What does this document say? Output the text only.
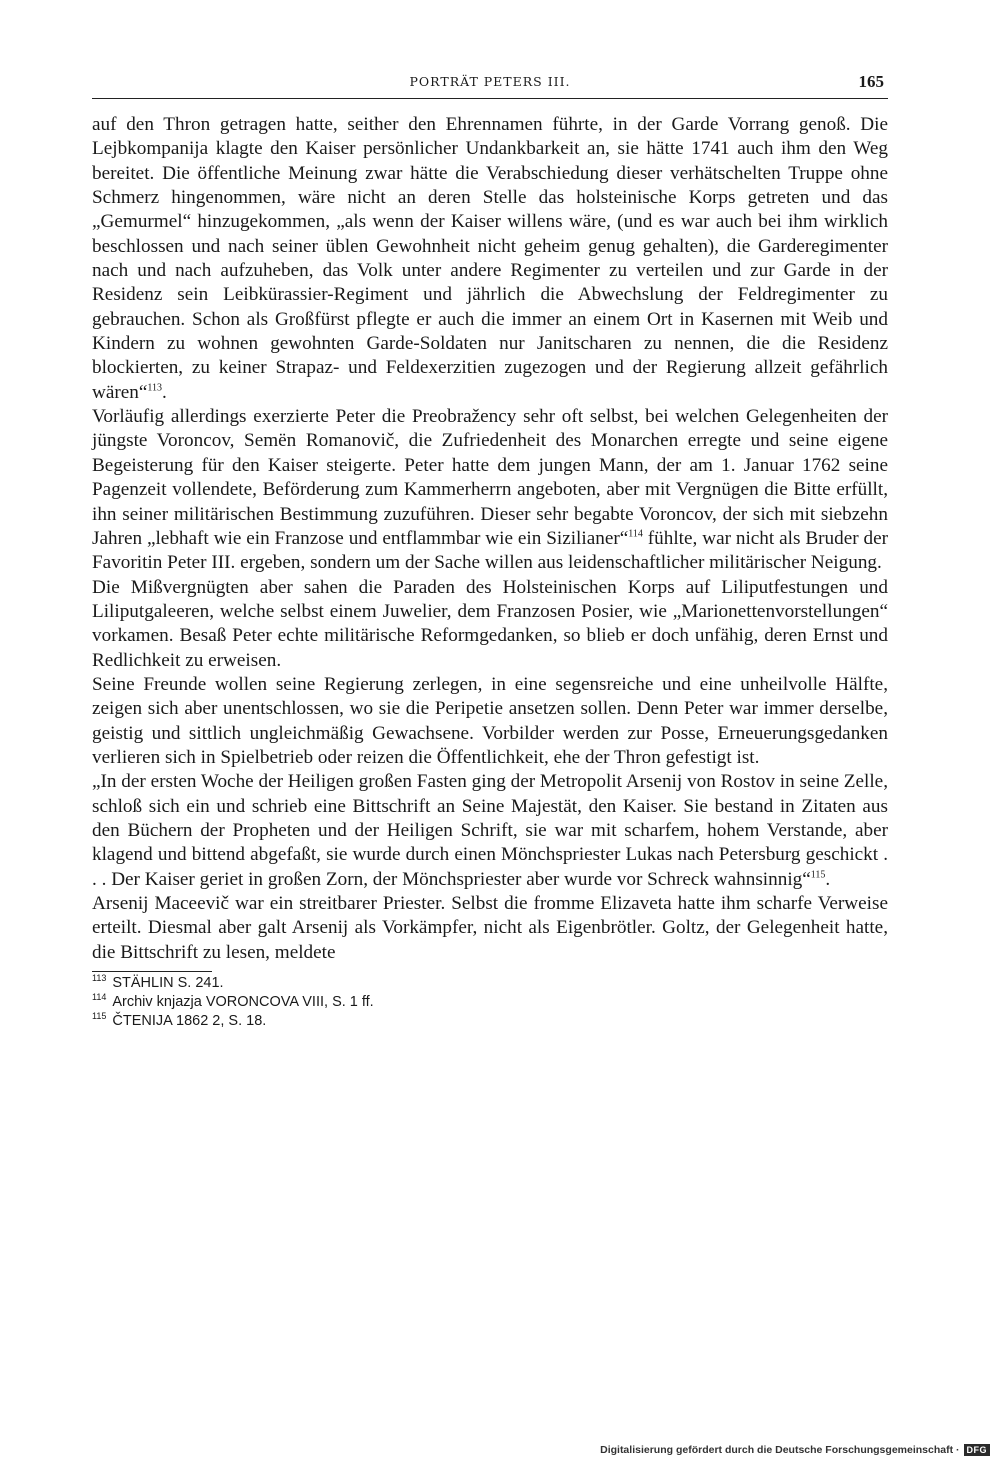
PORTRÄT PETERS III.	165

auf den Thron getragen hatte, seither den Ehrennamen führte, in der Garde Vorrang genoß. Die Lejbkompanija klagte den Kaiser persönlicher Undankbarkeit an, sie hätte 1741 auch ihm den Weg bereitet. Die öffentliche Meinung zwar hätte die Verabschiedung dieser verhätschelten Truppe ohne Schmerz hingenommen, wäre nicht an deren Stelle das holsteinische Korps getreten und das „Gemurmel“ hinzugekommen, „als wenn der Kaiser willens wäre, (und es war auch bei ihm wirklich beschlossen und nach seiner üblen Gewohnheit nicht geheim genug gehalten), die Garderegimenter nach und nach aufzuheben, das Volk unter andere Regimenter zu verteilen und zur Garde in der Residenz sein Leibkürassier-Regiment und jährlich die Abwechslung der Feldregimenter zu gebrauchen. Schon als Großfürst pflegte er auch die immer an einem Ort in Kasernen mit Weib und Kindern zu wohnen gewohnten Garde-Soldaten nur Janitscharen zu nennen, die die Residenz blockierten, zu keiner Strapaz- und Feldexerzitien zugezogen und der Regierung allzeit gefährlich wären“$^{113}$.

Vorläufig allerdings exerzierte Peter die Preobražency sehr oft selbst, bei welchen Gelegenheiten der jüngste Voroncov, Semën Romanovič, die Zufriedenheit des Monarchen erregte und seine eigene Begeisterung für den Kaiser steigerte. Peter hatte dem jungen Mann, der am 1. Januar 1762 seine Pagenzeit vollendete, Beförderung zum Kammerherrn angeboten, aber mit Vergnügen die Bitte erfüllt, ihn seiner militärischen Bestimmung zuzuführen. Dieser sehr begabte Voroncov, der sich mit siebzehn Jahren „lebhaft wie ein Franzose und entflammbar wie ein Sizilianer“$^{114}$ fühlte, war nicht als Bruder der Favoritin Peter III. ergeben, sondern um der Sache willen aus leidenschaftlicher militärischer Neigung.

Die Mißvergnügten aber sahen die Paraden des Holsteinischen Korps auf Liliputfestungen und Liliputgaleeren, welche selbst einem Juwelier, dem Franzosen Posier, wie „Marionettenvorstellungen“ vorkamen. Besaß Peter echte militärische Reformgedanken, so blieb er doch unfähig, deren Ernst und Redlichkeit zu erweisen.

Seine Freunde wollen seine Regierung zerlegen, in eine segensreiche und eine unheilvolle Hälfte, zeigen sich aber unentschlossen, wo sie die Peripetie ansetzen sollen. Denn Peter war immer derselbe, geistig und sittlich ungleichmäßig Gewachsene. Vorbilder werden zur Posse, Erneuerungsgedanken verlieren sich in Spielbetrieb oder reizen die Öffentlichkeit, ehe der Thron gefestigt ist.

„In der ersten Woche der Heiligen großen Fasten ging der Metropolit Arsenij von Rostov in seine Zelle, schloß sich ein und schrieb eine Bittschrift an Seine Majestät, den Kaiser. Sie bestand in Zitaten aus den Büchern der Propheten und der Heiligen Schrift, sie war mit scharfem, hohem Verstande, aber klagend und bittend abgefaßt, sie wurde durch einen Mönchspriester Lukas nach Petersburg geschickt . . . Der Kaiser geriet in großen Zorn, der Mönchspriester aber wurde vor Schreck wahnsinnig“$^{115}$.

Arsenij Maceevič war ein streitbarer Priester. Selbst die fromme Elizaveta hatte ihm scharfe Verweise erteilt. Diesmal aber galt Arsenij als Vorkämpfer, nicht als Eigenbrötler. Goltz, der Gelegenheit hatte, die Bittschrift zu lesen, meldete

$^{113}$ STÄHLIN S. 241.
$^{114}$ Archiv knjazja VORONCOVA VIII, S. 1 ff.
$^{115}$ ČTENIJA 1862 2, S. 18.
Digitalisierung gefördert durch die Deutsche Forschungsgemeinschaft · DFG
